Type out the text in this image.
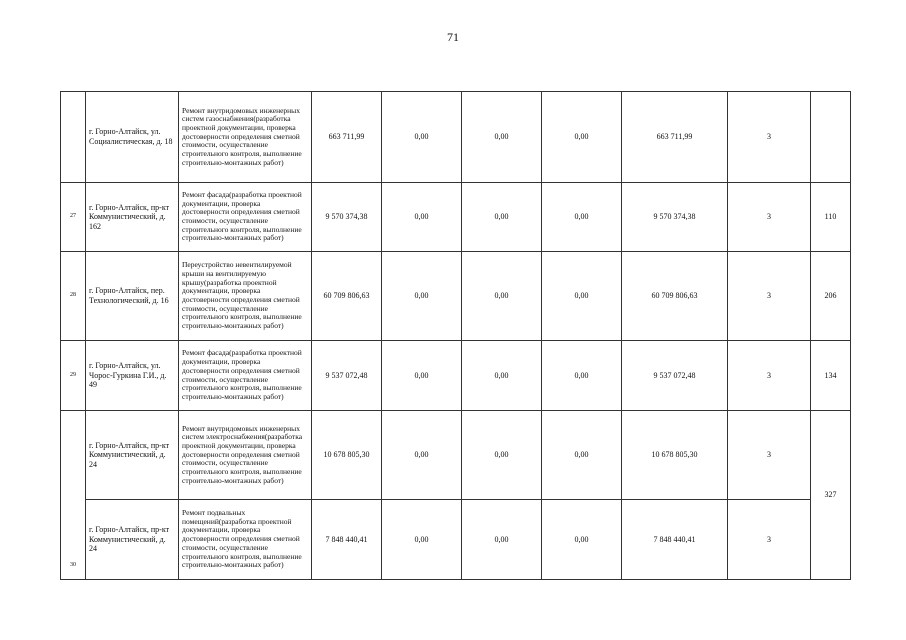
71
	г. Горно-Алтайск, ул. Социалистическая, д. 18	Ремонт внутридомовых инженерных систем газоснабжения(разработка проектной документации, проверка достоверности определения сметной стоимости, осуществление строительного контроля, выполнение строительно-монтажных работ)	663 711,99	0,00	0,00	0,00	663 711,99	3	
27	г. Горно-Алтайск, пр-кт Коммунистический, д. 162	Ремонт фасада(разработка проектной документации, проверка достоверности определения сметной стоимости, осуществление строительного контроля, выполнение строительно-монтажных работ)	9 570 374,38	0,00	0,00	0,00	9 570 374,38	3	110
28	г. Горно-Алтайск, пер. Технологический, д. 16	Переустройство невентилируемой крыши на вентилируемую крышу(разработка проектной документации, проверка достоверности определения сметной стоимости, осуществление строительного контроля, выполнение строительно-монтажных работ)	60 709 806,63	0,00	0,00	0,00	60 709 806,63	3	206
29	г. Горно-Алтайск, ул. Чорос-Гуркина Г.И., д. 49	Ремонт фасада(разработка проектной документации, проверка достоверности определения сметной стоимости, осуществление строительного контроля, выполнение строительно-монтажных работ)	9 537 072,48	0,00	0,00	0,00	9 537 072,48	3	134
30	г. Горно-Алтайск, пр-кт Коммунистический, д. 24	Ремонт внутридомовых инженерных систем электроснабжения(разработка проектной документации, проверка достоверности определения сметной стоимости, осуществление строительного контроля, выполнение строительно-монтажных работ)	10 678 805,30	0,00	0,00	0,00	10 678 805,30	3	327
	г. Горно-Алтайск, пр-кт Коммунистический, д. 24	Ремонт подвальных помещений(разработка проектной документации, проверка достоверности определения сметной стоимости, осуществление строительного контроля, выполнение строительно-монтажных работ)	7 848 440,41	0,00	0,00	0,00	7 848 440,41	3	
